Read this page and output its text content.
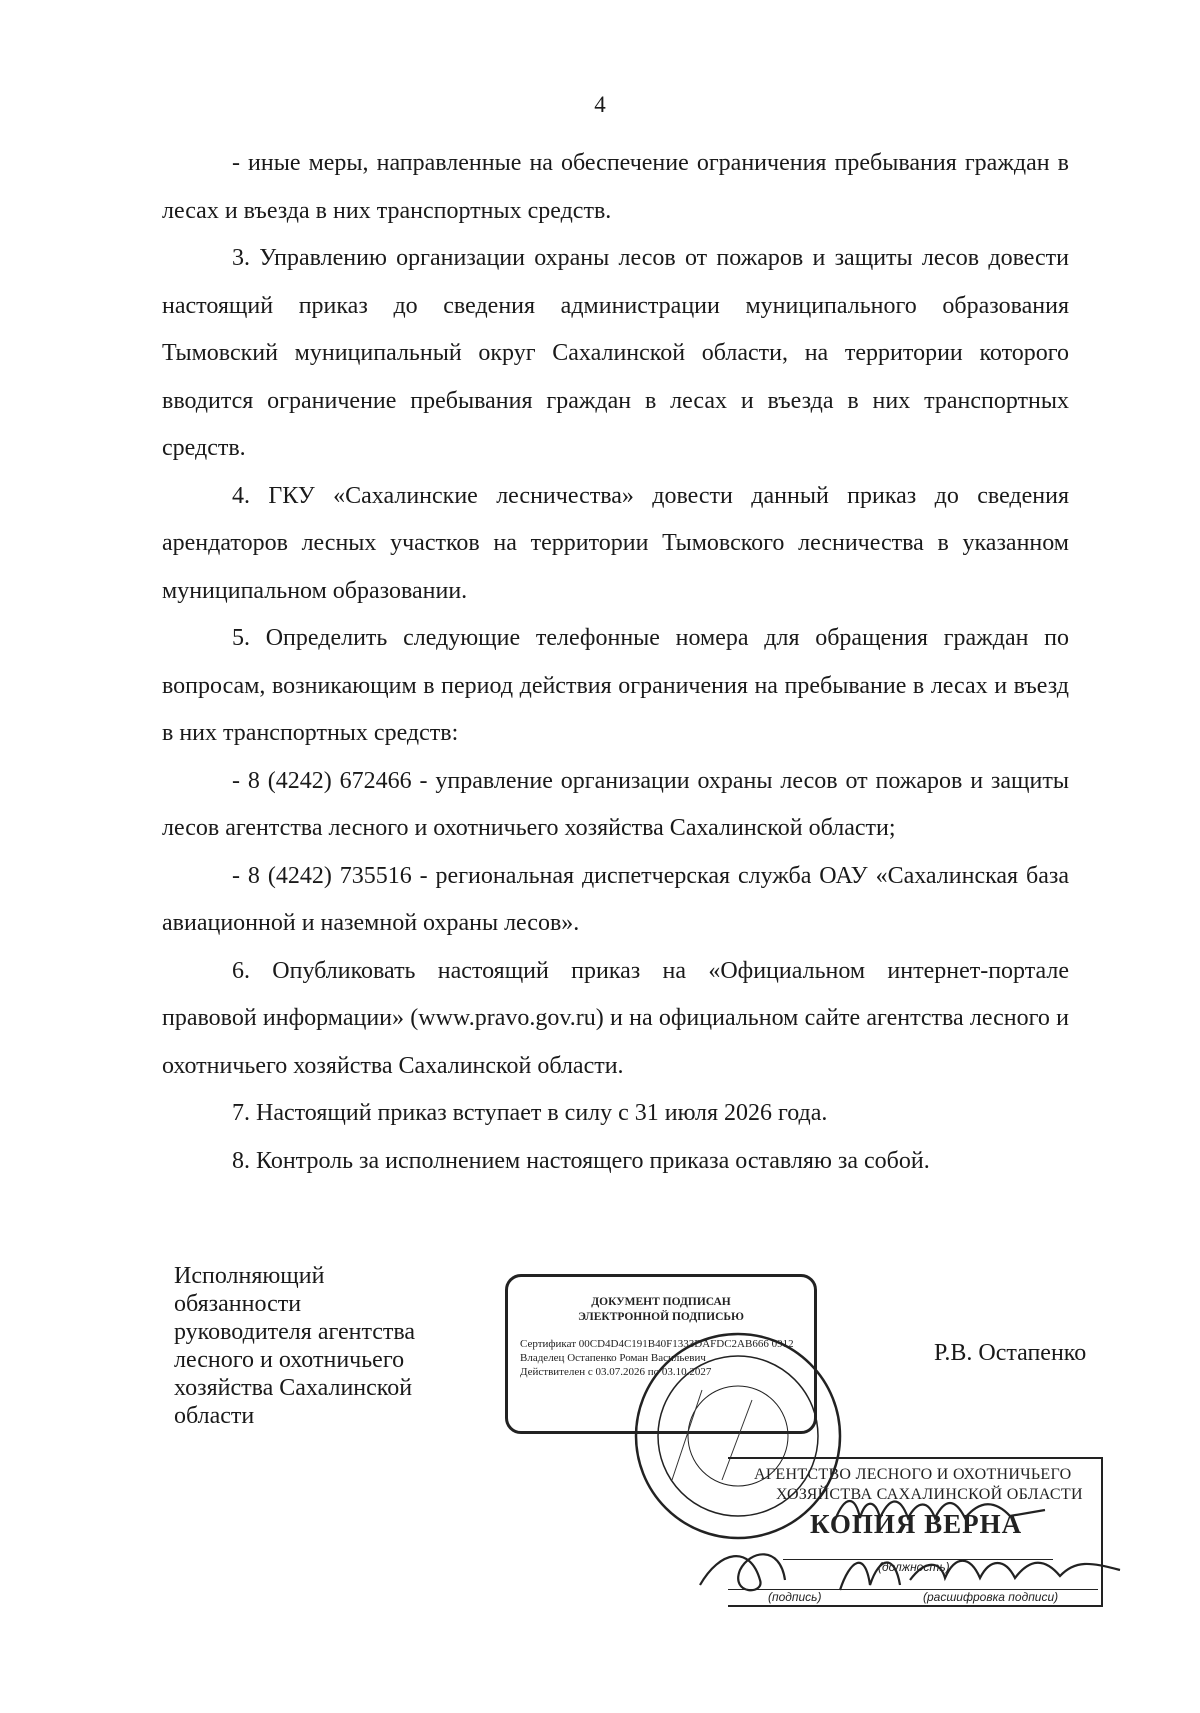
4

- иные меры, направленные на обеспечение ограничения пребывания граждан в лесах и въезда в них транспортных средств.

3. Управлению организации охраны лесов от пожаров и защиты лесов довести настоящий приказ до сведения администрации муниципального образования Тымовский муниципальный округ Сахалинской области, на территории которого вводится ограничение пребывания граждан в лесах и въезда в них транспортных средств.

4. ГКУ «Сахалинские лесничества» довести данный приказ до сведения арендаторов лесных участков на территории Тымовского лесничества в указанном муниципальном образовании.

5. Определить следующие телефонные номера для обращения граждан по вопросам, возникающим в период действия ограничения на пребывание в лесах и въезд в них транспортных средств:

- 8 (4242) 672466 - управление организации охраны лесов от пожаров и защиты лесов агентства лесного и охотничьего хозяйства Сахалинской области;

- 8 (4242) 735516 - региональная диспетчерская служба ОАУ «Сахалинская база авиационной и наземной охраны лесов».

6. Опубликовать настоящий приказ на «Официальном интернет-портале правовой информации» (www.pravo.gov.ru) и на официальном сайте агентства лесного и охотничьего хозяйства Сахалинской области.

7. Настоящий приказ вступает в силу с 31 июля 2026 года.

8. Контроль за исполнением настоящего приказа оставляю за собой.

Исполняющий
обязанности
руководителя агентства
лесного и охотничьего
хозяйства Сахалинской
области
Р.В. Остапенко
ДОКУМЕНТ ПОДПИСАН
ЭЛЕКТРОННОЙ ПОДПИСЬЮ
Сертификат 00CD4D4C191B40F1333DAFDC2AB666 0912
Владелец Остапенко Роман Васильевич
Действителен с 03.07.2026 по 03.10.2027
АГЕНТСТВО ЛЕСНОГО И ОХОТНИЧЬЕГО
ХОЗЯЙСТВА САХАЛИНСКОЙ ОБЛАСТИ
КОПИЯ ВЕРНА
(должность)
(подпись)	(расшифровка подписи)
